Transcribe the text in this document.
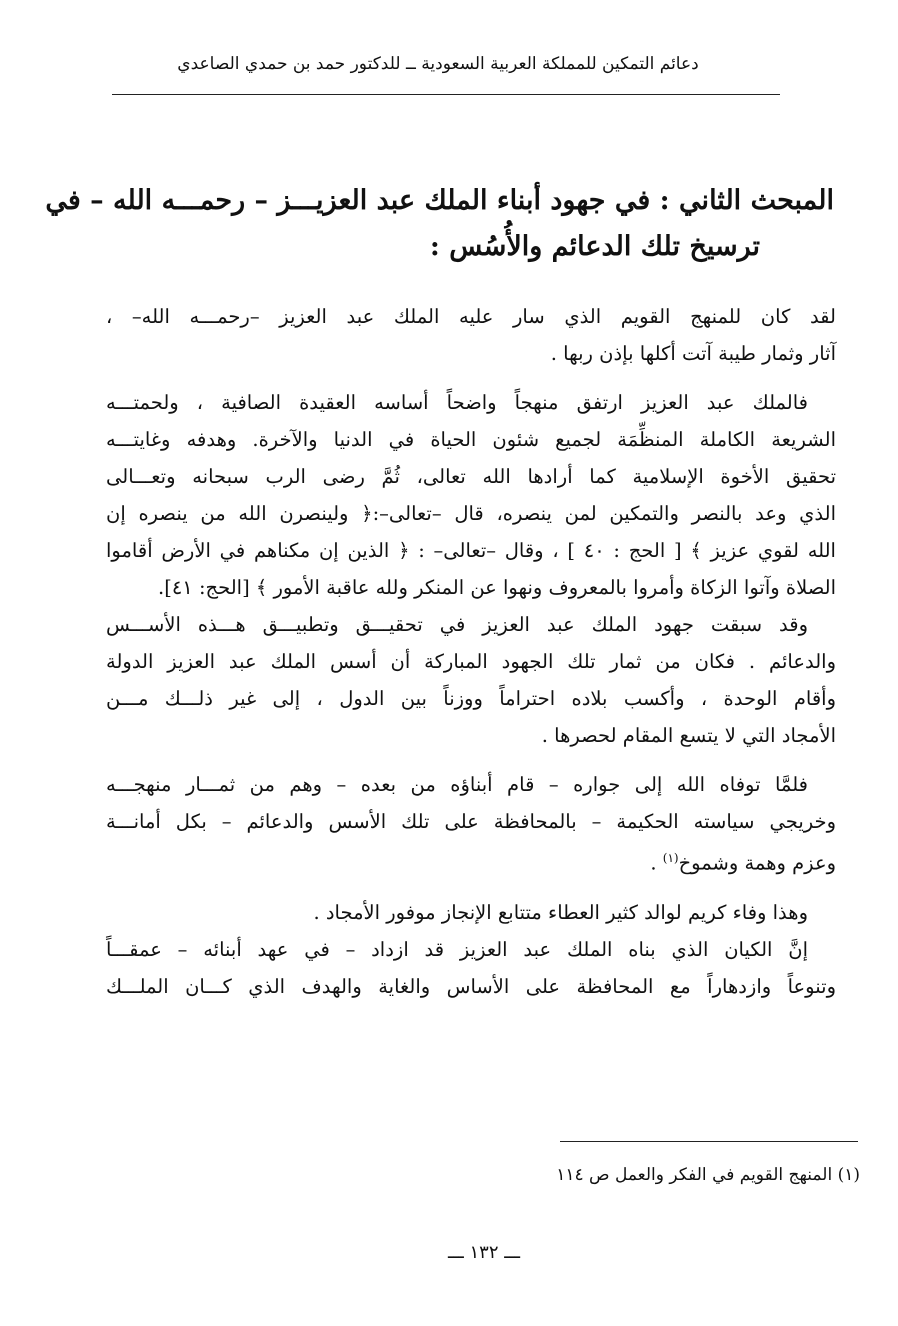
دعائم التمكين للمملكة العربية السعودية ــ للدكتور حمد بن حمدي الصاعدي
المبحث الثاني : في جهود أبناء الملك عبد العزيـــز – رحمـــه الله – في
ترسيخ تلك الدعائم والأُسُس :

لقد كان للمنهج القويم الذي سار عليه الملك عبد العزيز –رحمـــه الله– ،
آثار وثمار طيبة آتت أكلها بإذن ربها .

فالملك عبد العزيز ارتفق منهجاً واضحاً أساسه العقيدة الصافية ، ولحمتـــه
الشريعة الكاملة المنظِّمَة لجميع شئون الحياة في الدنيا والآخرة. وهدفه وغايتـــه
تحقيق الأخوة الإسلامية كما أرادها الله تعالى، ثُمَّ رضى الرب سبحانه وتعـــالى
الذي وعد بالنصر والتمكين لمن ينصره، قال –تعالى–:﴿ ولينصرن الله من ينصره إن
الله لقوي عزيز ﴾ [ الحج : ٤٠ ] ، وقال –تعالى– : ﴿ الذين إن مكناهم في الأرض أقاموا
الصلاة وآتوا الزكاة وأمروا بالمعروف ونهوا عن المنكر ولله عاقبة الأمور ﴾ [الحج: ٤١].

وقد سبقت جهود الملك عبد العزيز في تحقيـــق وتطبيـــق هـــذه الأســـس
والدعائم . فكان من ثمار تلك الجهود المباركة أن أسس الملك عبد العزيز الدولة
وأقام الوحدة ، وأكسب بلاده احتراماً ووزناً بين الدول ، إلى غير ذلـــك مـــن
الأمجاد التي لا يتسع المقام لحصرها .

فلمَّا توفاه الله إلى جواره – قام أبناؤه من بعده – وهم من ثمـــار منهجـــه
وخريجي سياسته الحكيمة – بالمحافظة على تلك الأسس والدعائم – بكل أمانـــة
وعزم وهمة وشموخ$^{(١)}$ .

وهذا وفاء كريم لوالد كثير العطاء متتابع الإنجاز موفور الأمجاد .

إنَّ الكيان الذي بناه الملك عبد العزيز قد ازداد – في عهد أبنائه – عمقـــاً
وتنوعاً وازدهاراً مع المحافظة على الأساس والغاية والهدف الذي كـــان الملـــك

(١) المنهج القويم في الفكر والعمل ص ١١٤
ـــ ١٣٢ ـــ
